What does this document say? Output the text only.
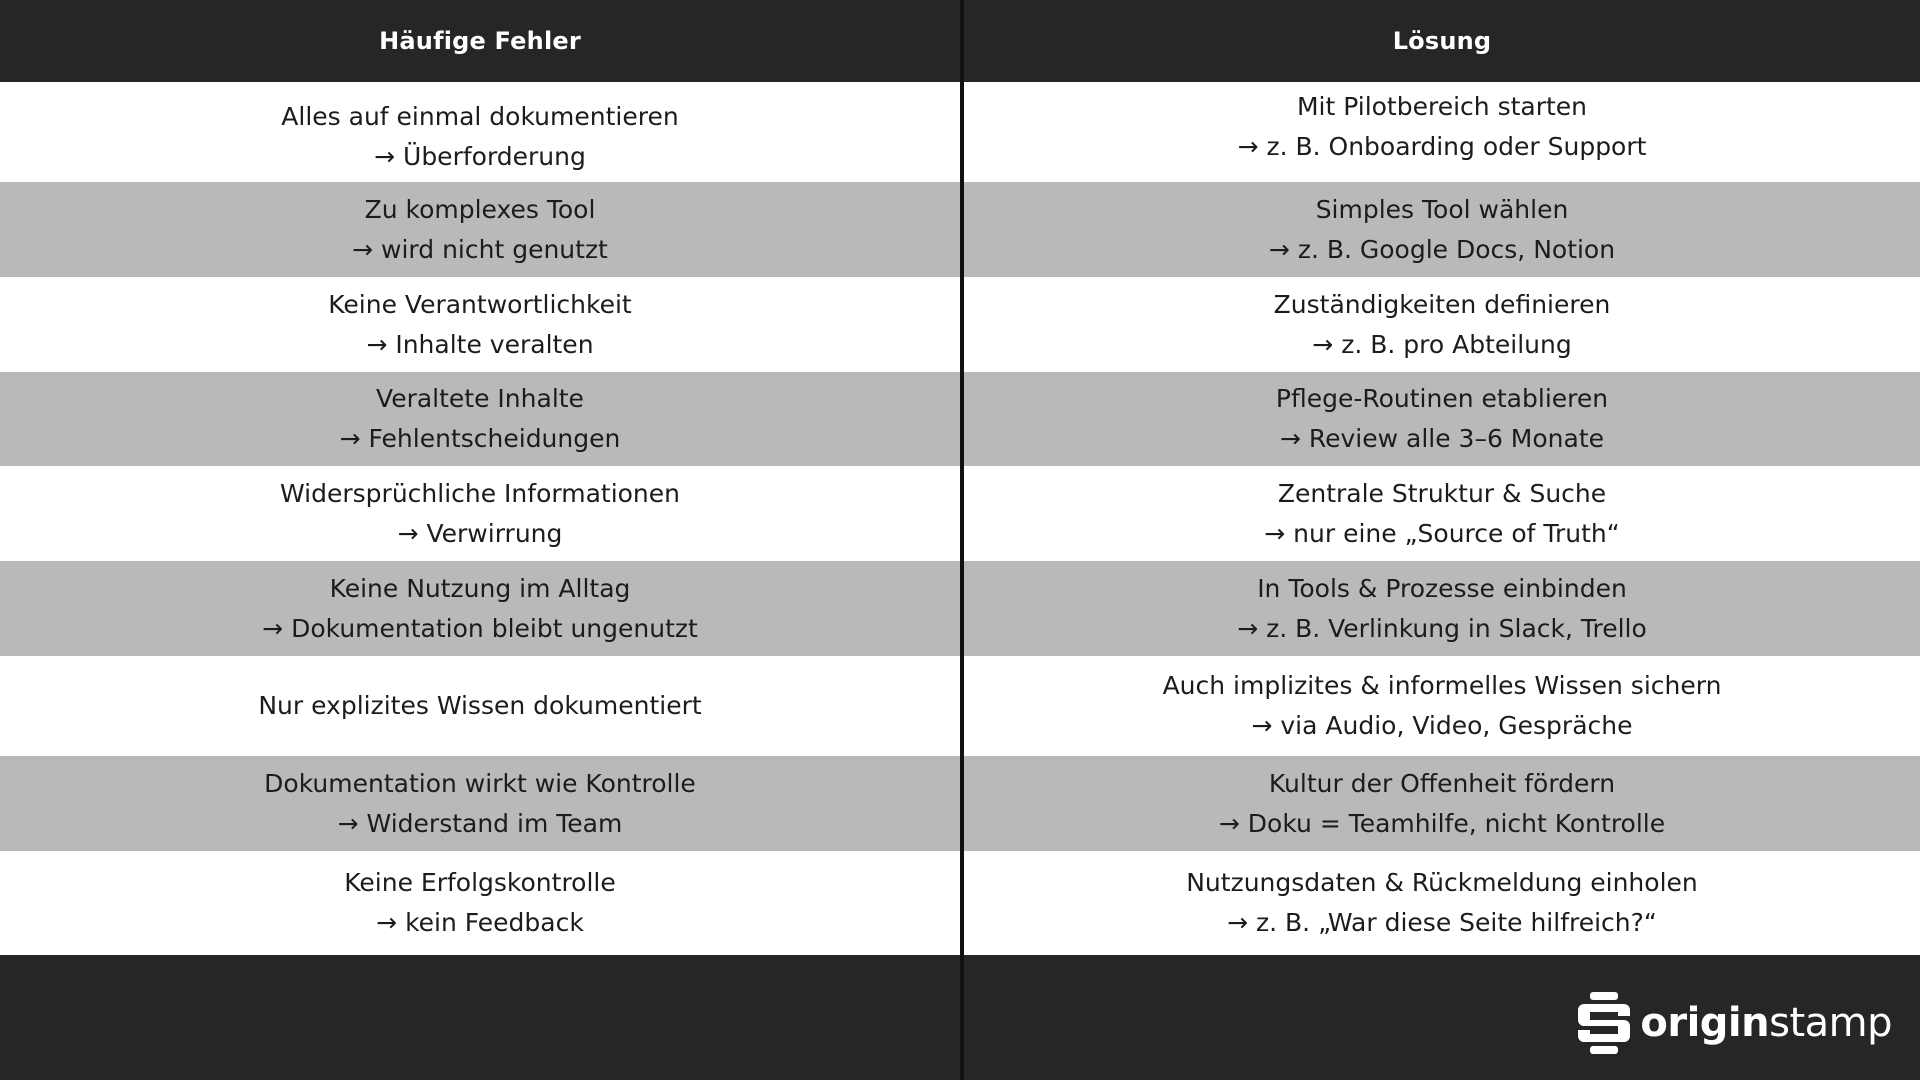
Häufige Fehler	Lösung
Alles auf einmal dokumentieren
→ Überforderung
Mit Pilotbereich starten
→ z. B. Onboarding oder Support
Zu komplexes Tool
→ wird nicht genutzt
Simples Tool wählen
→ z. B. Google Docs, Notion
Keine Verantwortlichkeit
→ Inhalte veralten
Zuständigkeiten definieren
→ z. B. pro Abteilung
Veraltete Inhalte
→ Fehlentscheidungen
Pflege-Routinen etablieren
→ Review alle 3–6 Monate
Widersprüchliche Informationen
→ Verwirrung
Zentrale Struktur & Suche
→ nur eine „Source of Truth“
Keine Nutzung im Alltag
→ Dokumentation bleibt ungenutzt
In Tools & Prozesse einbinden
→ z. B. Verlinkung in Slack, Trello
Nur explizites Wissen dokumentiert
Auch implizites & informelles Wissen sichern
→ via Audio, Video, Gespräche
Dokumentation wirkt wie Kontrolle
→ Widerstand im Team
Kultur der Offenheit fördern
→ Doku = Teamhilfe, nicht Kontrolle
Keine Erfolgskontrolle
→ kein Feedback
Nutzungsdaten & Rückmeldung einholen
→ z. B. „War diese Seite hilfreich?“
originstamp
